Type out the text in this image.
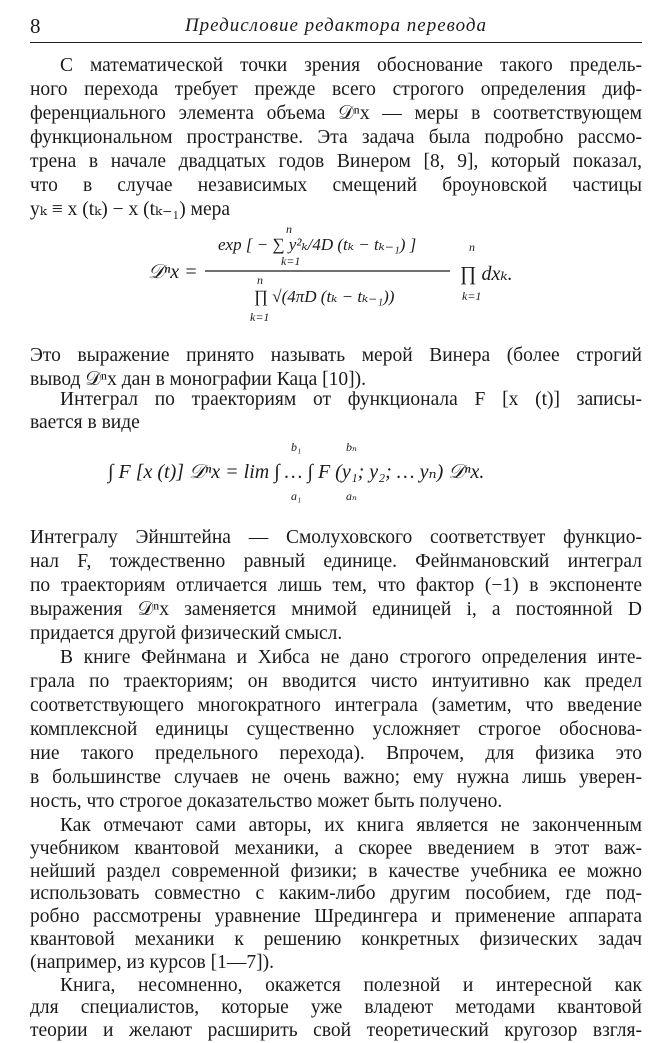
8	Предисловие редактора перевода
С математической точки зрения обоснование такого предель-
ного перехода требует прежде всего строгого определения диф-
ференциального элемента объема 𝒟ⁿx — меры в соответствующем
функциональном пространстве. Эта задача была подробно рассмо-
трена в начале двадцатых годов Винером [8, 9], который показал,
что в случае независимых смещений броуновской частицы
yₖ ≡ x (tₖ) − x (tₖ₋₁) мера
𝒟ⁿx =
exp [ − ∑ y²ₖ/4D (tₖ − tₖ₋₁) ]
n
k=1
∏ √(4πD (tₖ − tₖ₋₁))
n
k=1
∏ dxₖ.
n
k=1
Это выражение принято называть мерой Винера (более строгий
вывод 𝒟ⁿx дан в монографии Каца [10]).
Интеграл по траекториям от функционала F [x (t)] записы-
вается в виде
∫ F [x (t)] 𝒟ⁿx = lim ∫ … ∫ F (y₁; y₂; … yₙ) 𝒟ⁿx.
b₁
a₁
bₙ
aₙ
Интегралу Эйнштейна — Смолуховского соответствует функцио-
нал F, тождественно равный единице. Фейнмановский интеграл
по траекториям отличается лишь тем, что фактор (−1) в экспоненте
выражения 𝒟ⁿx заменяется мнимой единицей i, а постоянной D
придается другой физический смысл.
В книге Фейнмана и Хибса не дано строгого определения инте-
грала по траекториям; он вводится чисто интуитивно как предел
соответствующего многократного интеграла (заметим, что введение
комплексной единицы существенно усложняет строгое обоснова-
ние такого предельного перехода). Впрочем, для физика это
в большинстве случаев не очень важно; ему нужна лишь уверен-
ность, что строгое доказательство может быть получено.
Как отмечают сами авторы, их книга является не законченным
учебником квантовой механики, а скорее введением в этот важ-
нейший раздел современной физики; в качестве учебника ее можно
использовать совместно с каким-либо другим пособием, где под-
робно рассмотрены уравнение Шредингера и применение аппарата
квантовой механики к решению конкретных физических задач
(например, из курсов [1—7]).
Книга, несомненно, окажется полезной и интересной как
для специалистов, которые уже владеют методами квантовой
теории и желают расширить свой теоретический кругозор взгля-
